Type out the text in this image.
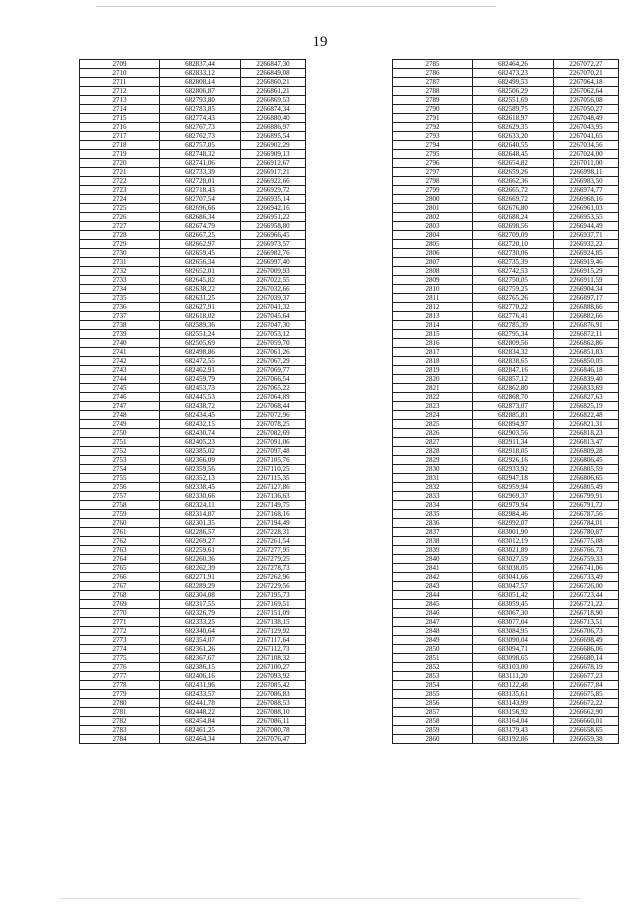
19
2709	682837,44	2266847,30
2710	682833,12	2266849,08
2711	682808,14	2266860,21
2712	682806,87	2266861,21
2713	682793,80	2266869,53
2714	682783,85	2266874,34
2715	682774,43	2266880,40
2716	682767,73	2266886,97
2717	682762,73	2266895,54
2718	682757,05	2266902,29
2719	682748,32	2266909,13
2720	682741,06	2266912,67
2721	682733,39	2266917,21
2722	682728,01	2266922,66
2723	682718,43	2266929,72
2724	682707,54	2266935,14
2725	682696,66	2266942,16
2726	682686,34	2266951,22
2727	682674,79	2266958,80
2728	682667,25	2266966,45
2729	682662,97	2266973,57
2730	682659,45	2266982,76
2731	682656,34	2266997,40
2732	682652,01	2267009,93
2733	682645,82	2267022,55
2734	682638,22	2267032,66
2735	682631,25	2267039,37
2736	682627,91	2267041,32
2737	682618,02	2267045,64
2738	682589,36	2267047,30
2739	682551,24	2267053,12
2740	682505,69	2267059,70
2741	682498,86	2267061,26
2742	682472,55	2267067,29
2743	682462,91	2267069,77
2744	682459,79	2267066,54
2745	682453,73	2267065,22
2746	682445,53	2267064,89
2747	682438,72	2267068,44
2748	682434,45	2267072,96
2749	682432,15	2267078,25
2750	682430,74	2267082,69
2751	682405,23	2267091,06
2752	682385,02	2267097,48
2753	682366,09	2267105,76
2754	682359,56	2267110,25
2755	682352,13	2267115,35
2756	682338,45	2267127,86
2757	682330,66	2267136,63
2758	682324,11	2267149,75
2759	682314,87	2267168,16
2760	682301,35	2267194,49
2761	682286,57	2267228,31
2762	682269,27	2267261,54
2763	682259,61	2267277,95
2764	682260,36	2267279,25
2765	682262,39	2267278,73
2766	682271,91	2267262,96
2767	682289,29	2267229,56
2768	682304,08	2267195,73
2769	682317,55	2267169,51
2770	682326,79	2267151,09
2771	682333,25	2267138,15
2772	682340,64	2267129,92
2773	682354,07	2267117,64
2774	682361,26	2267112,73
2775	682367,67	2267108,32
2776	682386,15	2267100,27
2777	682406,16	2267093,92
2778	682431,96	2267085,42
2779	682433,57	2267086,83
2780	682441,78	2267088,53
2781	682448,22	2267088,10
2782	682454,84	2267086,11
2783	682461,25	2267080,78
2784	682464,34	2267076,47
2785	682464,26	2267072,27
2786	682473,23	2267070,21
2787	682499,53	2267064,18
2788	682506,29	2267062,64
2789	682551,69	2267056,08
2790	682589,75	2267050,27
2791	682618,97	2267048,49
2792	682629,35	2267043,95
2793	682633,20	2267041,65
2794	682640,55	2267034,56
2795	682648,45	2267024,00
2796	682654,82	2267011,00
2797	682659,26	2266998,11
2798	682662,36	2266983,50
2799	682665,72	2266974,77
2800	682669,72	2266968,16
2801	682676,80	2266961,03
2802	682688,24	2266953,55
2803	682698,56	2266944,49
2804	682709,09	2266937,71
2805	682720,10	2266932,22
2806	682730,06	2266924,85
2807	682735,39	2266919,46
2808	682742,53	2266915,29
2809	682750,05	2266911,59
2810	682759,25	2266904,34
2811	682765,26	2266897,17
2812	682770,22	2266888,66
2813	682776,41	2266882,66
2814	682785,39	2266876,91
2815	682795,34	2266872,11
2816	682809,56	2266862,86
2817	682834,32	2266851,83
2818	682838,65	2266850,05
2819	682847,16	2266846,18
2820	682857,12	2266839,40
2821	682862,80	2266833,69
2822	682868,70	2266827,63
2823	682873,07	2266825,19
2824	682885,81	2266822,48
2825	682894,97	2266821,31
2826	682903,56	2266818,23
2827	682911,34	2266813,47
2828	682918,05	2266809,28
2829	682926,16	2266806,45
2830	682933,92	2266805,59
2831	682947,18	2266806,65
2832	682959,94	2266805,49
2833	682969,37	2266799,91
2834	682979,94	2266791,72
2835	682984,46	2266787,56
2836	682992,07	2266784,01
2837	683001,90	2266780,87
2838	683012,19	2266775,08
2839	683021,89	2266766,73
2840	683027,59	2266759,33
2841	683038,05	2266741,06
2842	683041,66	2266733,49
2843	683047,57	2266726,00
2844	683051,42	2266723,44
2845	683059,45	2266721,22
2846	683067,30	2266718,90
2847	683077,04	2266713,51
2848	683084,95	2266706,73
2849	683090,04	2266698,49
2850	683094,71	2266686,06
2851	683098,65	2266680,14
2852	683103,00	2266678,19
2853	683111,20	2266677,23
2854	683122,48	2266677,84
2855	683135,61	2266675,85
2856	683143,99	2266672,22
2857	683156,92	2266662,90
2858	683164,04	2266660,01
2859	683179,43	2266658,65
2860	683192,86	2266659,38
